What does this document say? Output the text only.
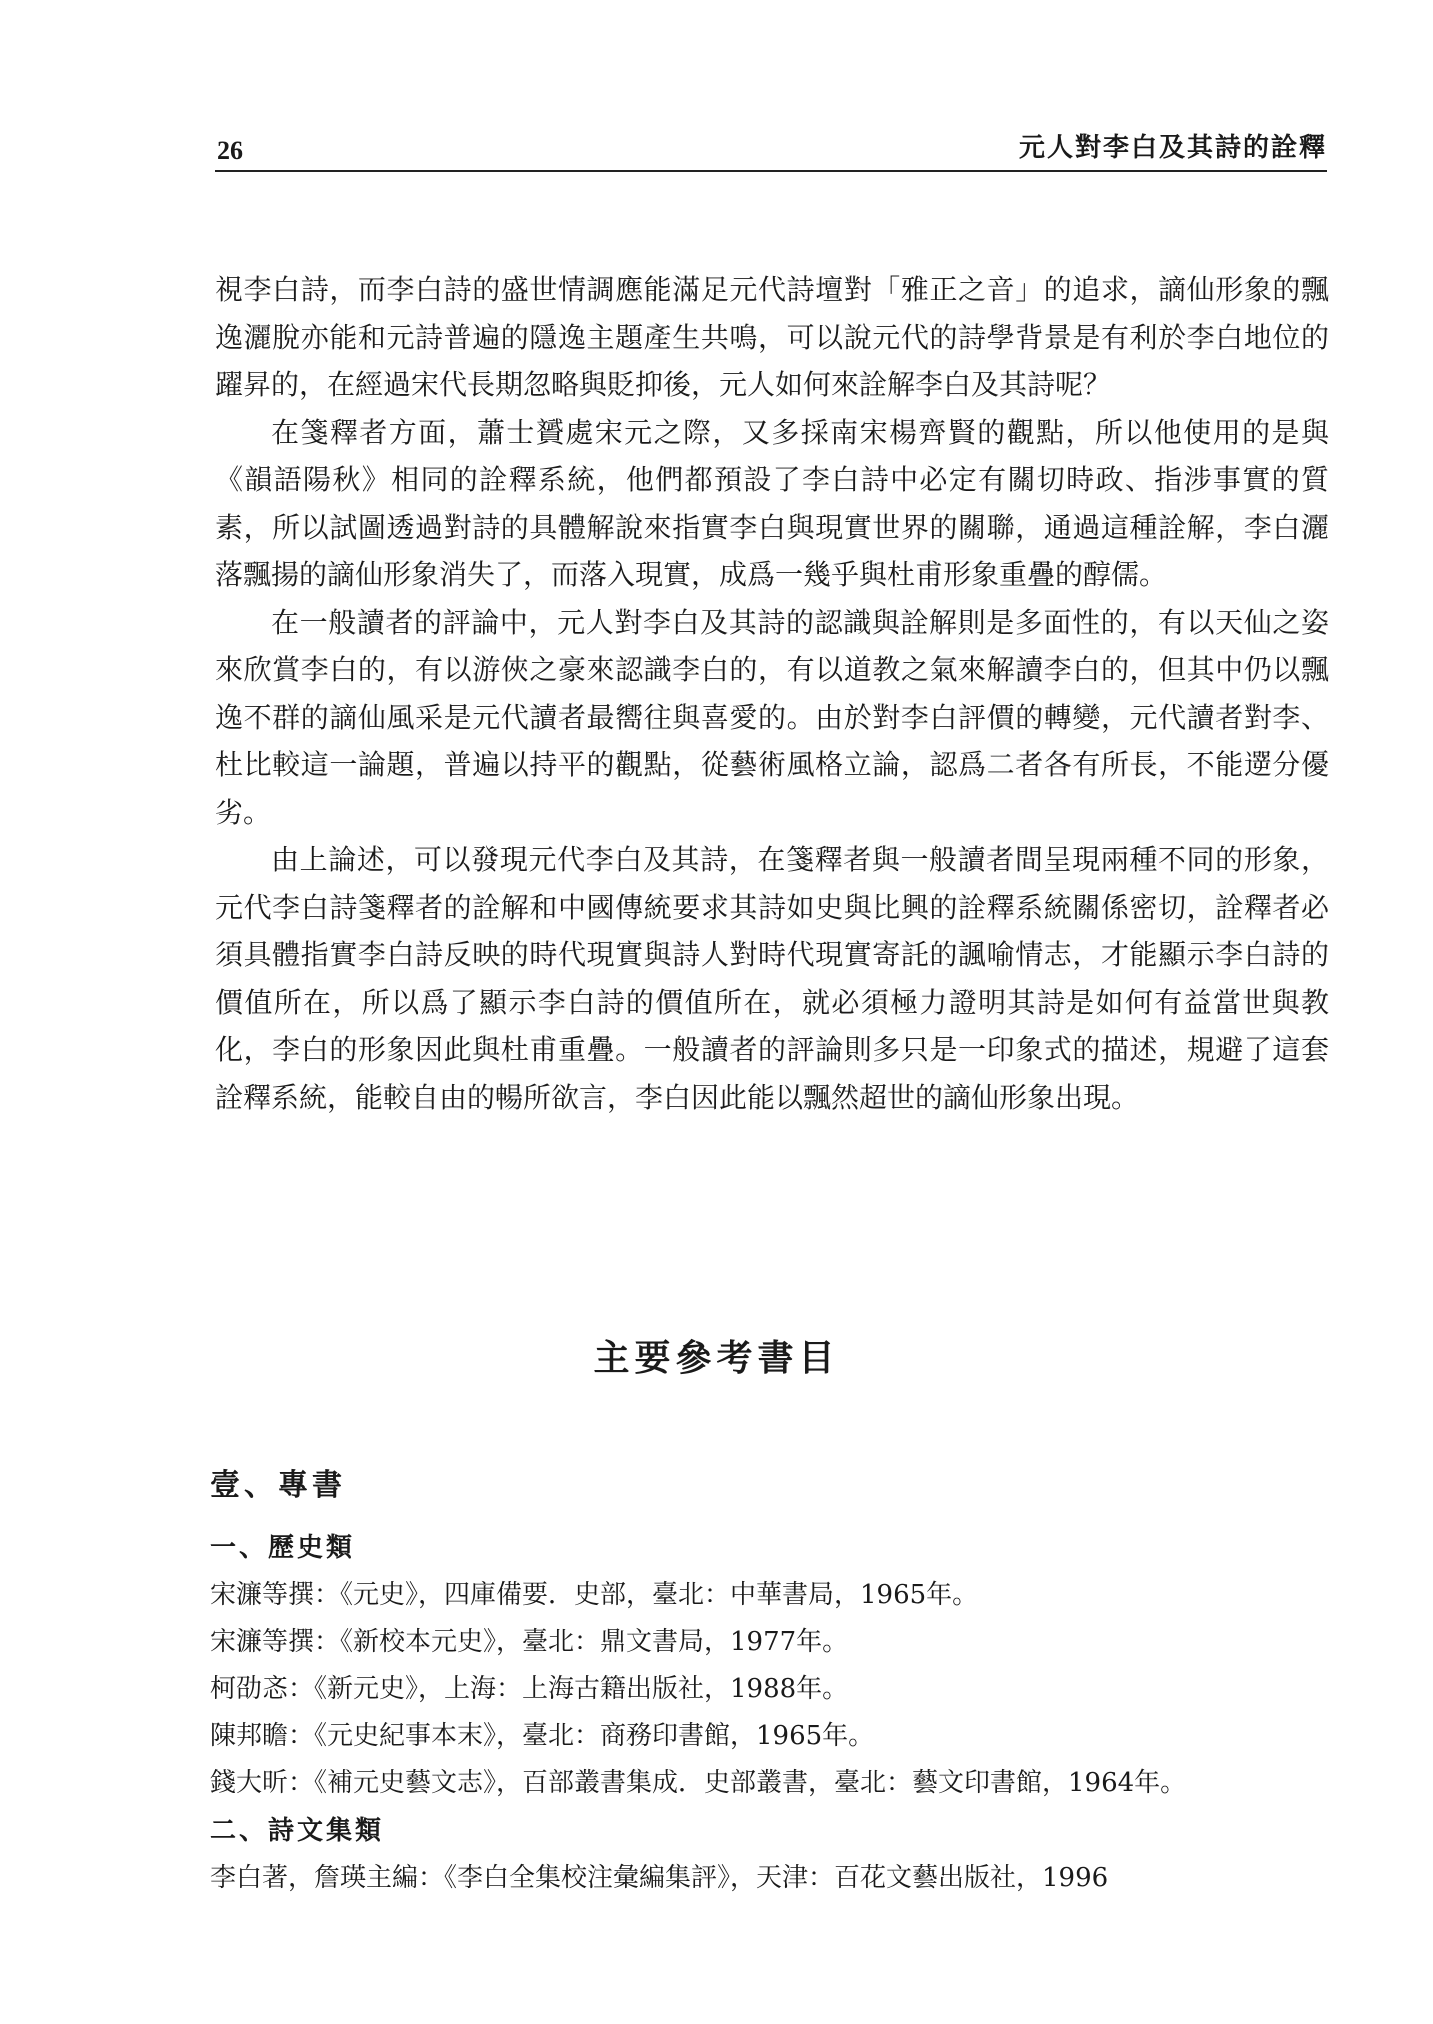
26	元人對李白及其詩的詮釋

視李白詩，而李白詩的盛世情調應能滿足元代詩壇對「雅正之音」的追求，謫仙形象的飄逸灑脫亦能和元詩普遍的隱逸主題產生共鳴，可以說元代的詩學背景是有利於李白地位的躍昇的，在經過宋代長期忽略與貶抑後，元人如何來詮解李白及其詩呢？

在箋釋者方面，蕭士贇處宋元之際，又多採南宋楊齊賢的觀點，所以他使用的是與《韻語陽秋》相同的詮釋系統，他們都預設了李白詩中必定有關切時政、指涉事實的質素，所以試圖透過對詩的具體解說來指實李白與現實世界的關聯，通過這種詮解，李白灑落飄揚的謫仙形象消失了，而落入現實，成爲一幾乎與杜甫形象重疊的醇儒。

在一般讀者的評論中，元人對李白及其詩的認識與詮解則是多面性的，有以天仙之姿來欣賞李白的，有以游俠之豪來認識李白的，有以道教之氣來解讀李白的，但其中仍以飄逸不群的謫仙風采是元代讀者最嚮往與喜愛的。由於對李白評價的轉變，元代讀者對李、杜比較這一論題，普遍以持平的觀點，從藝術風格立論，認爲二者各有所長，不能遻分優劣。

由上論述，可以發現元代李白及其詩，在箋釋者與一般讀者間呈現兩種不同的形象，元代李白詩箋釋者的詮解和中國傳統要求其詩如史與比興的詮釋系統關係密切，詮釋者必須具體指實李白詩反映的時代現實與詩人對時代現實寄託的諷喻情志，才能顯示李白詩的價值所在，所以爲了顯示李白詩的價值所在，就必須極力證明其詩是如何有益當世與教化，李白的形象因此與杜甫重疊。一般讀者的評論則多只是一印象式的描述，規避了這套詮釋系統，能較自由的暢所欲言，李白因此能以飄然超世的謫仙形象出現。

主要參考書目
壹、專書

一、歷史類

宋濂等撰：《元史》，四庫備要．史部，臺北：中華書局，1965年。

宋濂等撰：《新校本元史》，臺北：鼎文書局，1977年。

柯劭忞：《新元史》，上海：上海古籍出版社，1988年。

陳邦瞻：《元史紀事本末》，臺北：商務印書館，1965年。

錢大昕：《補元史藝文志》，百部叢書集成．史部叢書，臺北：藝文印書館，1964年。

二、詩文集類

李白著，詹瑛主編：《李白全集校注彙編集評》，天津：百花文藝出版社，1996
